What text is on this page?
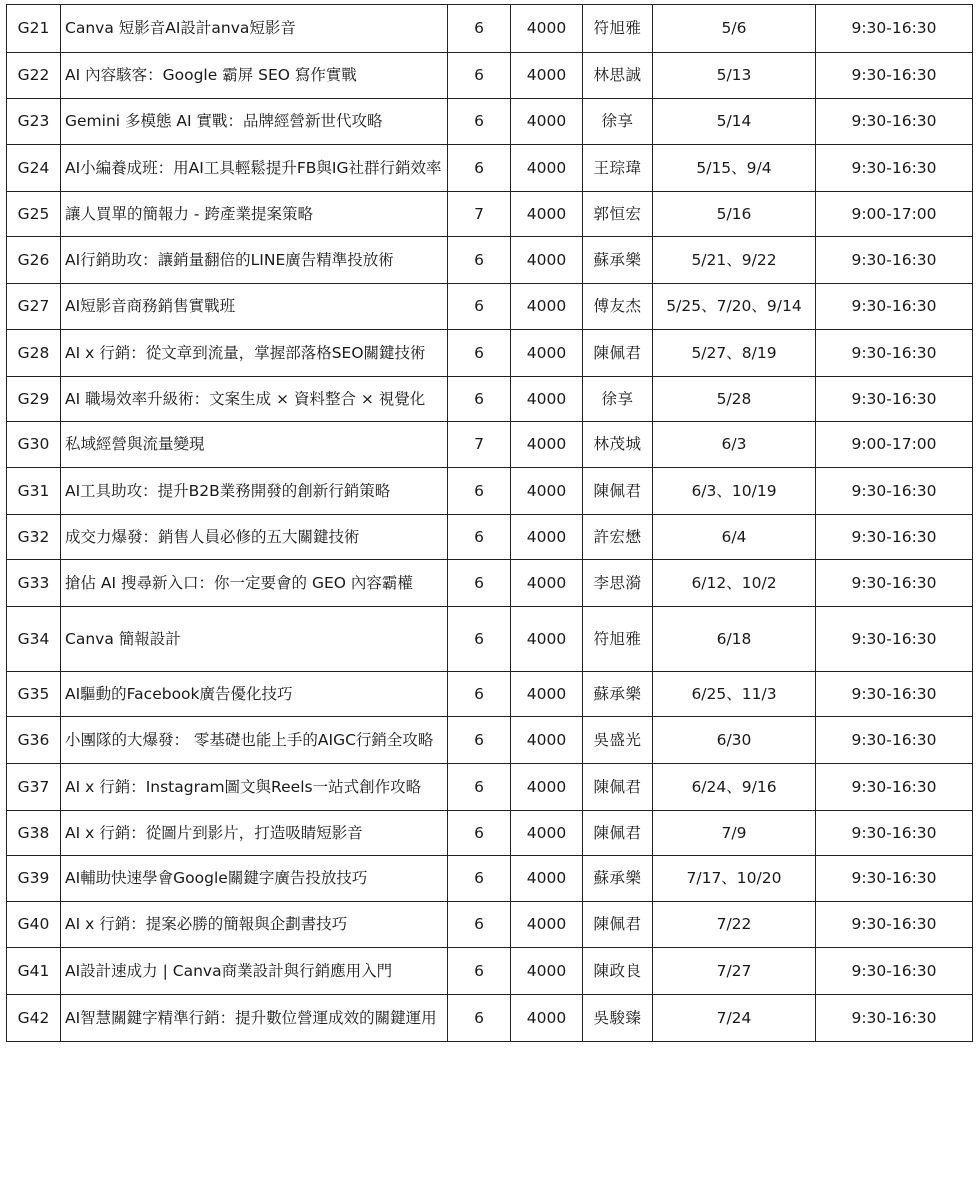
G21	Canva 短影音AI設計anva短影音	6	4000	符旭雅	5/6	9:30-16:30
G22	AI 內容駭客：Google 霸屏 SEO 寫作實戰	6	4000	林思誠	5/13	9:30-16:30
G23	Gemini 多模態 AI 實戰：品牌經營新世代攻略	6	4000	徐享	5/14	9:30-16:30
G24	AI小編養成班：用AI工具輕鬆提升FB與IG社群行銷效率	6	4000	王琮瑋	5/15、9/4	9:30-16:30
G25	讓人買單的簡報力 - 跨產業提案策略	7	4000	郭恒宏	5/16	9:00-17:00
G26	AI行銷助攻：讓銷量翻倍的LINE廣告精準投放術	6	4000	蘇承樂	5/21、9/22	9:30-16:30
G27	AI短影音商務銷售實戰班	6	4000	傅友杰	5/25、7/20、9/14	9:30-16:30
G28	AI x 行銷：從文章到流量，掌握部落格SEO關鍵技術	6	4000	陳佩君	5/27、8/19	9:30-16:30
G29	AI 職場效率升級術：文案生成 × 資料整合 × 視覺化	6	4000	徐享	5/28	9:30-16:30
G30	私域經營與流量變現	7	4000	林茂城	6/3	9:00-17:00
G31	AI工具助攻：提升B2B業務開發的創新行銷策略	6	4000	陳佩君	6/3、10/19	9:30-16:30
G32	成交力爆發：銷售人員必修的五大關鍵技術	6	4000	許宏懋	6/4	9:30-16:30
G33	搶佔 AI 搜尋新入口：你一定要會的 GEO 內容霸權	6	4000	李思漪	6/12、10/2	9:30-16:30
G34	Canva 簡報設計	6	4000	符旭雅	6/18	9:30-16:30
G35	AI驅動的Facebook廣告優化技巧	6	4000	蘇承樂	6/25、11/3	9:30-16:30
G36	小團隊的大爆發： 零基礎也能上手的AIGC行銷全攻略	6	4000	吳盛光	6/30	9:30-16:30
G37	AI x 行銷：Instagram圖文與Reels一站式創作攻略	6	4000	陳佩君	6/24、9/16	9:30-16:30
G38	AI x 行銷：從圖片到影片，打造吸睛短影音	6	4000	陳佩君	7/9	9:30-16:30
G39	AI輔助快速學會Google關鍵字廣告投放技巧	6	4000	蘇承樂	7/17、10/20	9:30-16:30
G40	AI x 行銷：提案必勝的簡報與企劃書技巧	6	4000	陳佩君	7/22	9:30-16:30
G41	AI設計速成力 | Canva商業設計與行銷應用入門	6	4000	陳政良	7/27	9:30-16:30
G42	AI智慧關鍵字精準行銷：提升數位營運成效的關鍵運用	6	4000	吳駿臻	7/24	9:30-16:30
